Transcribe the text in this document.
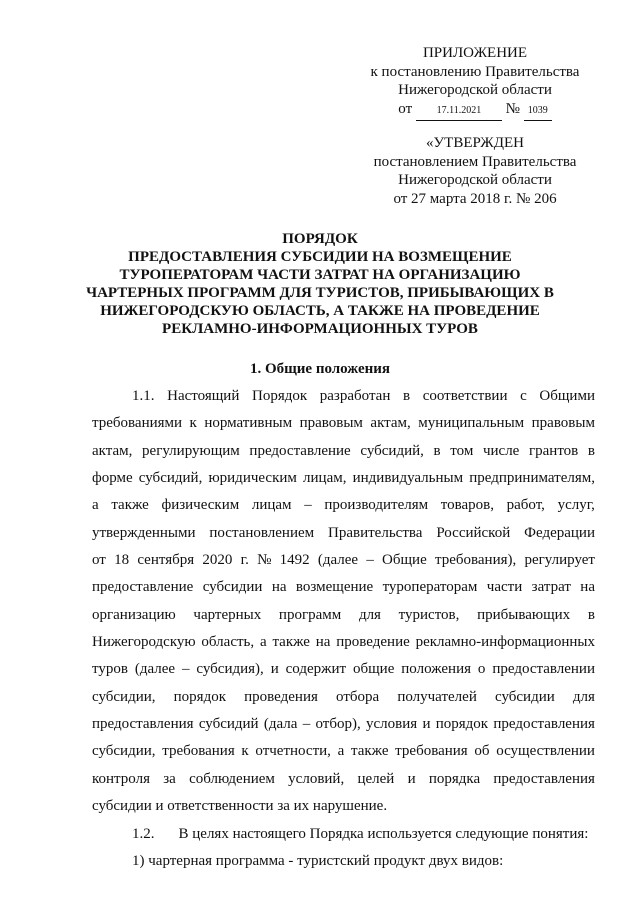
ПРИЛОЖЕНИЕ
к постановлению Правительства
Нижегородской области
от 17.11.2021 № 1039
«УТВЕРЖДЕН
постановлением Правительства
Нижегородской области
от 27 марта 2018 г. № 206
ПОРЯДОК
ПРЕДОСТАВЛЕНИЯ СУБСИДИИ НА ВОЗМЕЩЕНИЕ
ТУРОПЕРАТОРАМ ЧАСТИ ЗАТРАТ НА ОРГАНИЗАЦИЮ
ЧАРТЕРНЫХ ПРОГРАММ ДЛЯ ТУРИСТОВ, ПРИБЫВАЮЩИХ В
НИЖЕГОРОДСКУЮ ОБЛАСТЬ, А ТАКЖЕ НА ПРОВЕДЕНИЕ
РЕКЛАМНО-ИНФОРМАЦИОННЫХ ТУРОВ
1. Общие положения
1.1. Настоящий Порядок разработан в соответствии с Общими
требованиями к нормативным правовым актам, муниципальным правовым
актам, регулирующим предоставление субсидий, в том числе грантов в
форме субсидий, юридическим лицам, индивидуальным предпринимателям,
а также физическим лицам – производителям товаров, работ, услуг,
утвержденными постановлением Правительства Российской Федерации
от 18 сентября 2020 г. № 1492 (далее – Общие требования), регулирует
предоставление субсидии на возмещение туроператорам части затрат на
организацию чартерных программ для туристов, прибывающих в
Нижегородскую область, а также на проведение рекламно-информационных
туров (далее – субсидия), и содержит общие положения о предоставлении
субсидии, порядок проведения отбора получателей субсидии для
предоставления субсидий (дала – отбор), условия и порядок предоставления
субсидии, требования к отчетности, а также требования об осуществлении
контроля за соблюдением условий, целей и порядка предоставления
субсидии и ответственности за их нарушение.
1.2. В целях настоящего Порядка используется следующие понятия:
1) чартерная программа - туристский продукт двух видов:
